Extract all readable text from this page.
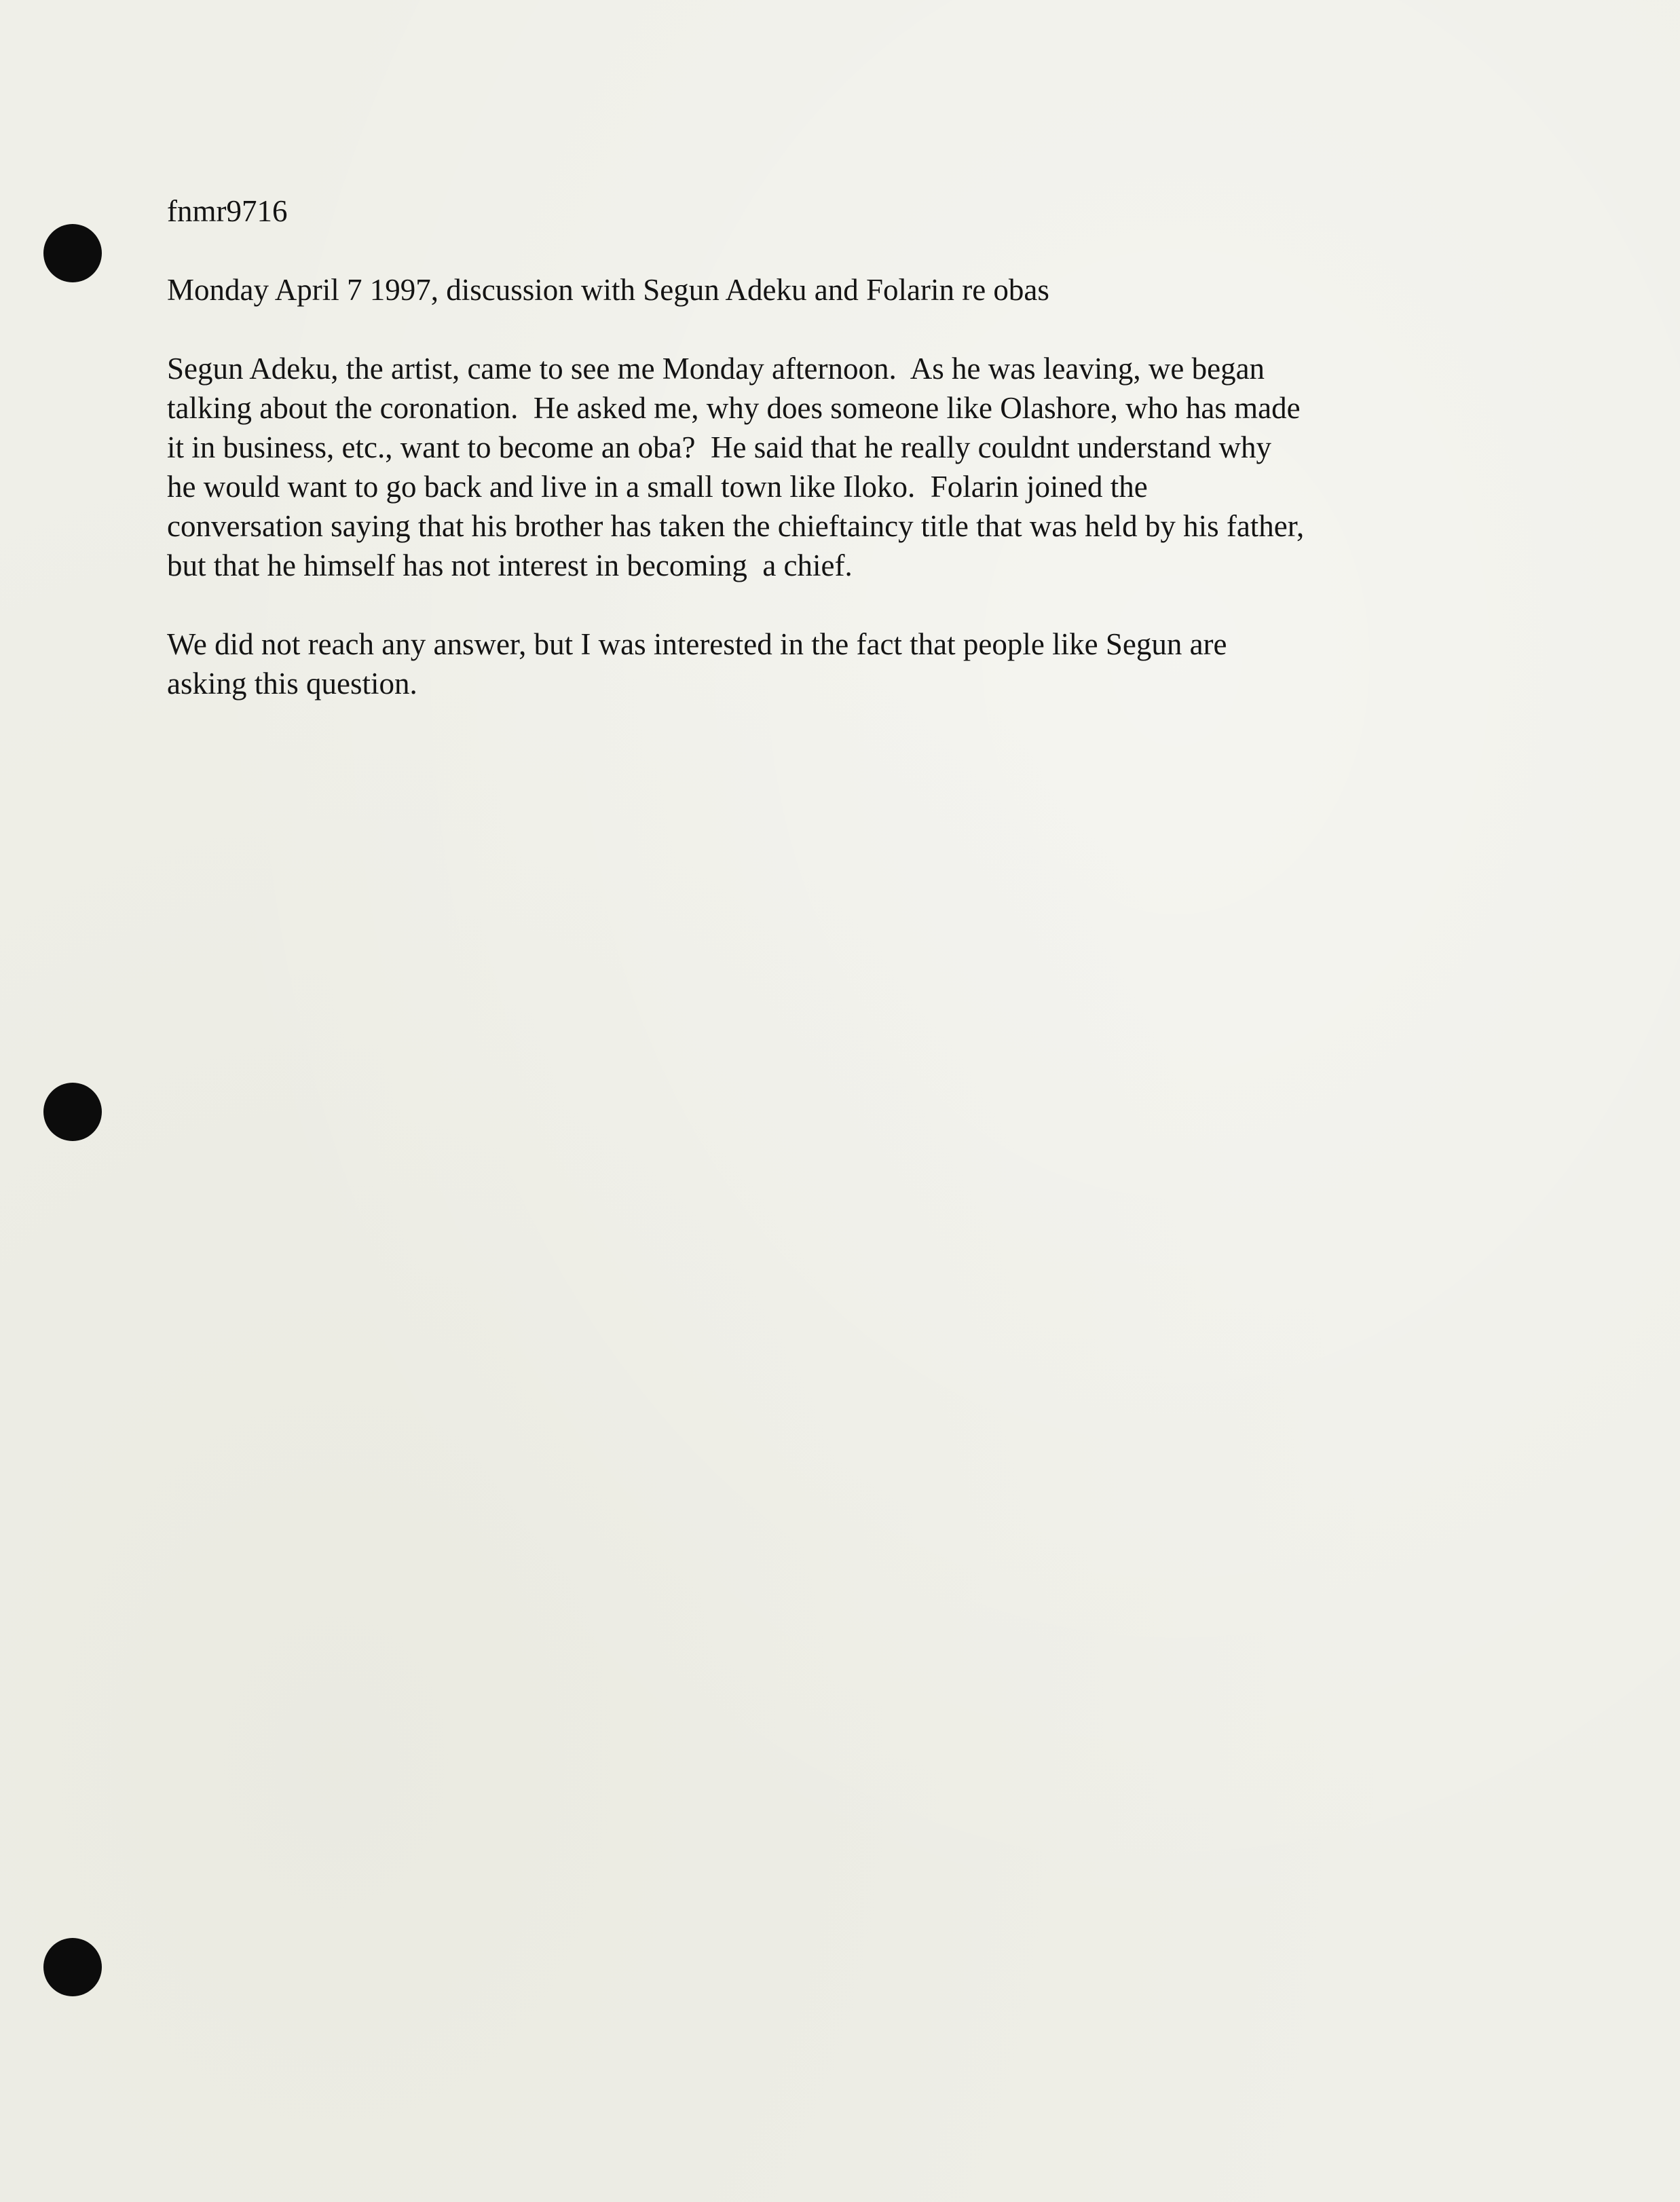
fnmr9716
Monday April 7 1997, discussion with Segun Adeku and Folarin re obas
Segun Adeku, the artist, came to see me Monday afternoon.  As he was leaving, we began
talking about the coronation.  He asked me, why does someone like Olashore, who has made
it in business, etc., want to become an oba?  He said that he really couldnt understand why
he would want to go back and live in a small town like Iloko.  Folarin joined the
conversation saying that his brother has taken the chieftaincy title that was held by his father,
but that he himself has not interest in becoming  a chief.
We did not reach any answer, but I was interested in the fact that people like Segun are
asking this question.
